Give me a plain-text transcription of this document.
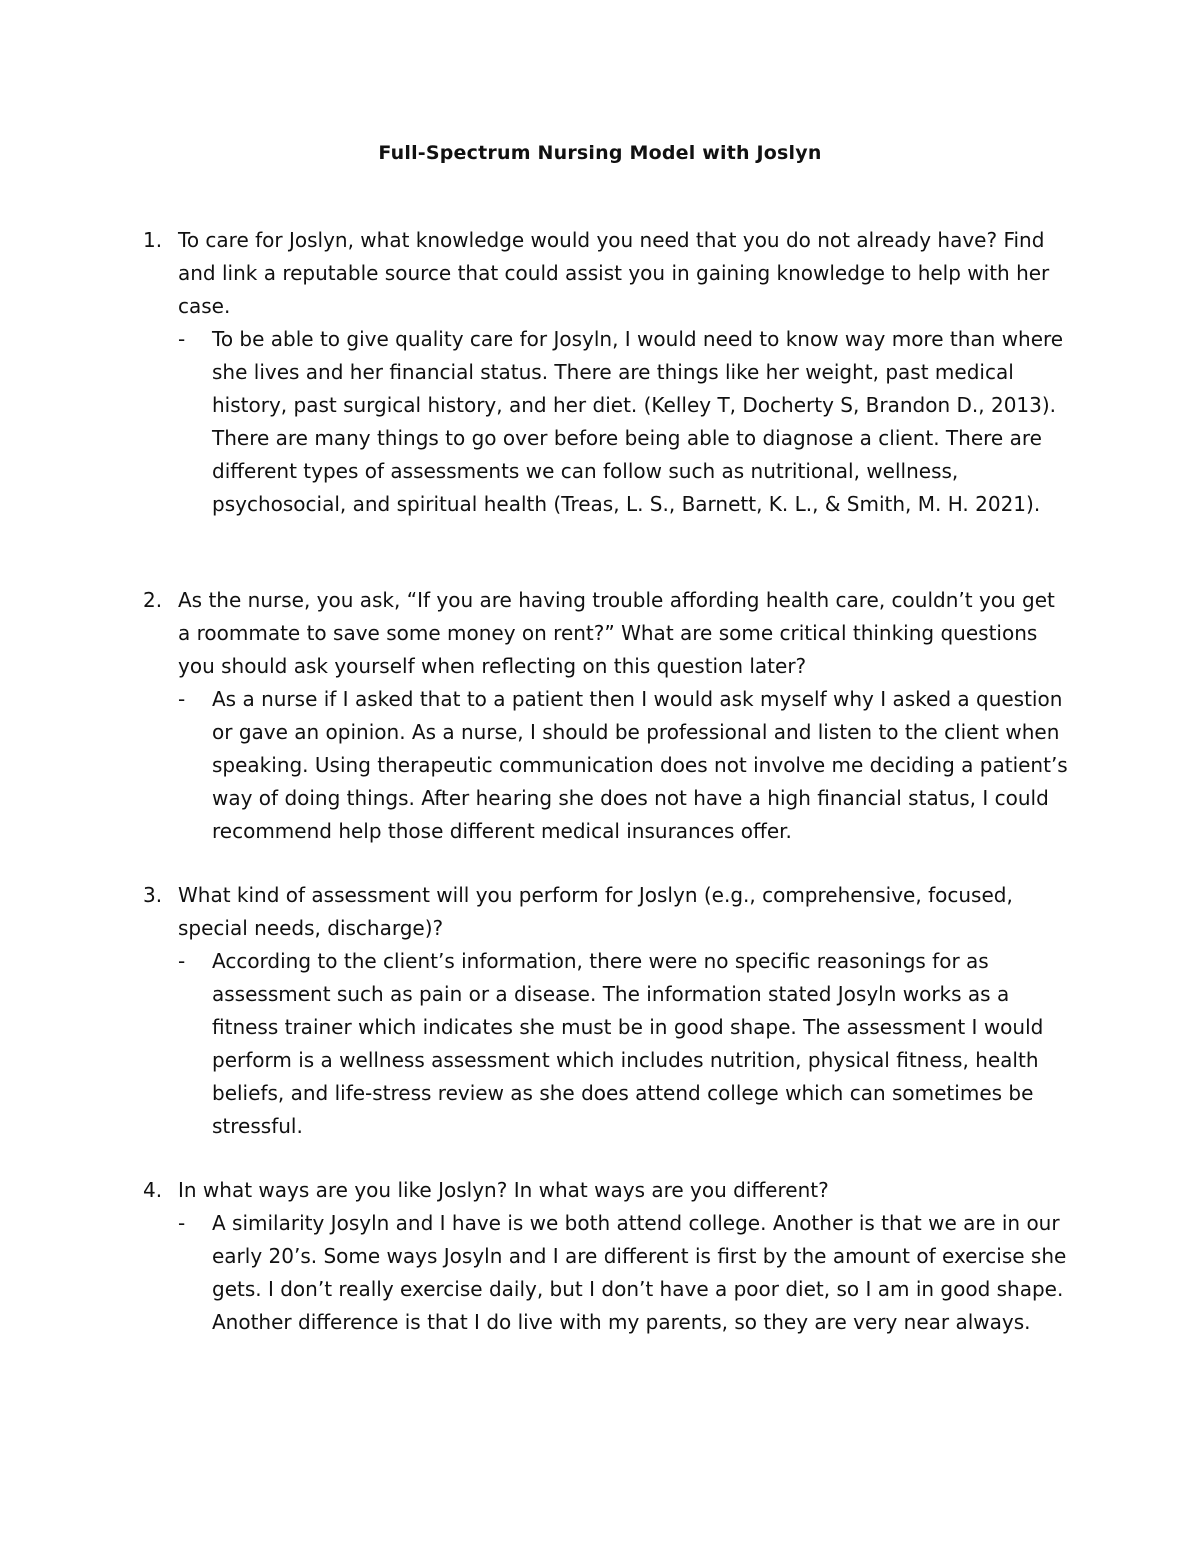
Full-Spectrum Nursing Model with Joslyn

1. To care for Joslyn, what knowledge would you need that you do not already have? Find and link a reputable source that could assist you in gaining knowledge to help with her case.

- To be able to give quality care for Josyln, I would need to know way more than where she lives and her financial status. There are things like her weight, past medical history, past surgical history, and her diet. (Kelley T, Docherty S, Brandon D., 2013). There are many things to go over before being able to diagnose a client. There are different types of assessments we can follow such as nutritional, wellness, psychosocial, and spiritual health (Treas, L. S., Barnett, K. L., & Smith, M. H. 2021).

2. As the nurse, you ask, “If you are having trouble affording health care, couldn’t you get a roommate to save some money on rent?” What are some critical thinking questions you should ask yourself when reflecting on this question later?

- As a nurse if I asked that to a patient then I would ask myself why I asked a question or gave an opinion. As a nurse, I should be professional and listen to the client when speaking. Using therapeutic communication does not involve me deciding a patient’s way of doing things. After hearing she does not have a high financial status, I could recommend help those different medical insurances offer.

3. What kind of assessment will you perform for Joslyn (e.g., comprehensive, focused, special needs, discharge)?

- According to the client’s information, there were no specific reasonings for as assessment such as pain or a disease. The information stated Josyln works as a fitness trainer which indicates she must be in good shape. The assessment I would perform is a wellness assessment which includes nutrition, physical fitness, health beliefs, and life-stress review as she does attend college which can sometimes be stressful.

4. In what ways are you like Joslyn? In what ways are you different?

- A similarity Josyln and I have is we both attend college. Another is that we are in our early 20’s. Some ways Josyln and I are different is first by the amount of exercise she gets. I don’t really exercise daily, but I don’t have a poor diet, so I am in good shape. Another difference is that I do live with my parents, so they are very near always.
